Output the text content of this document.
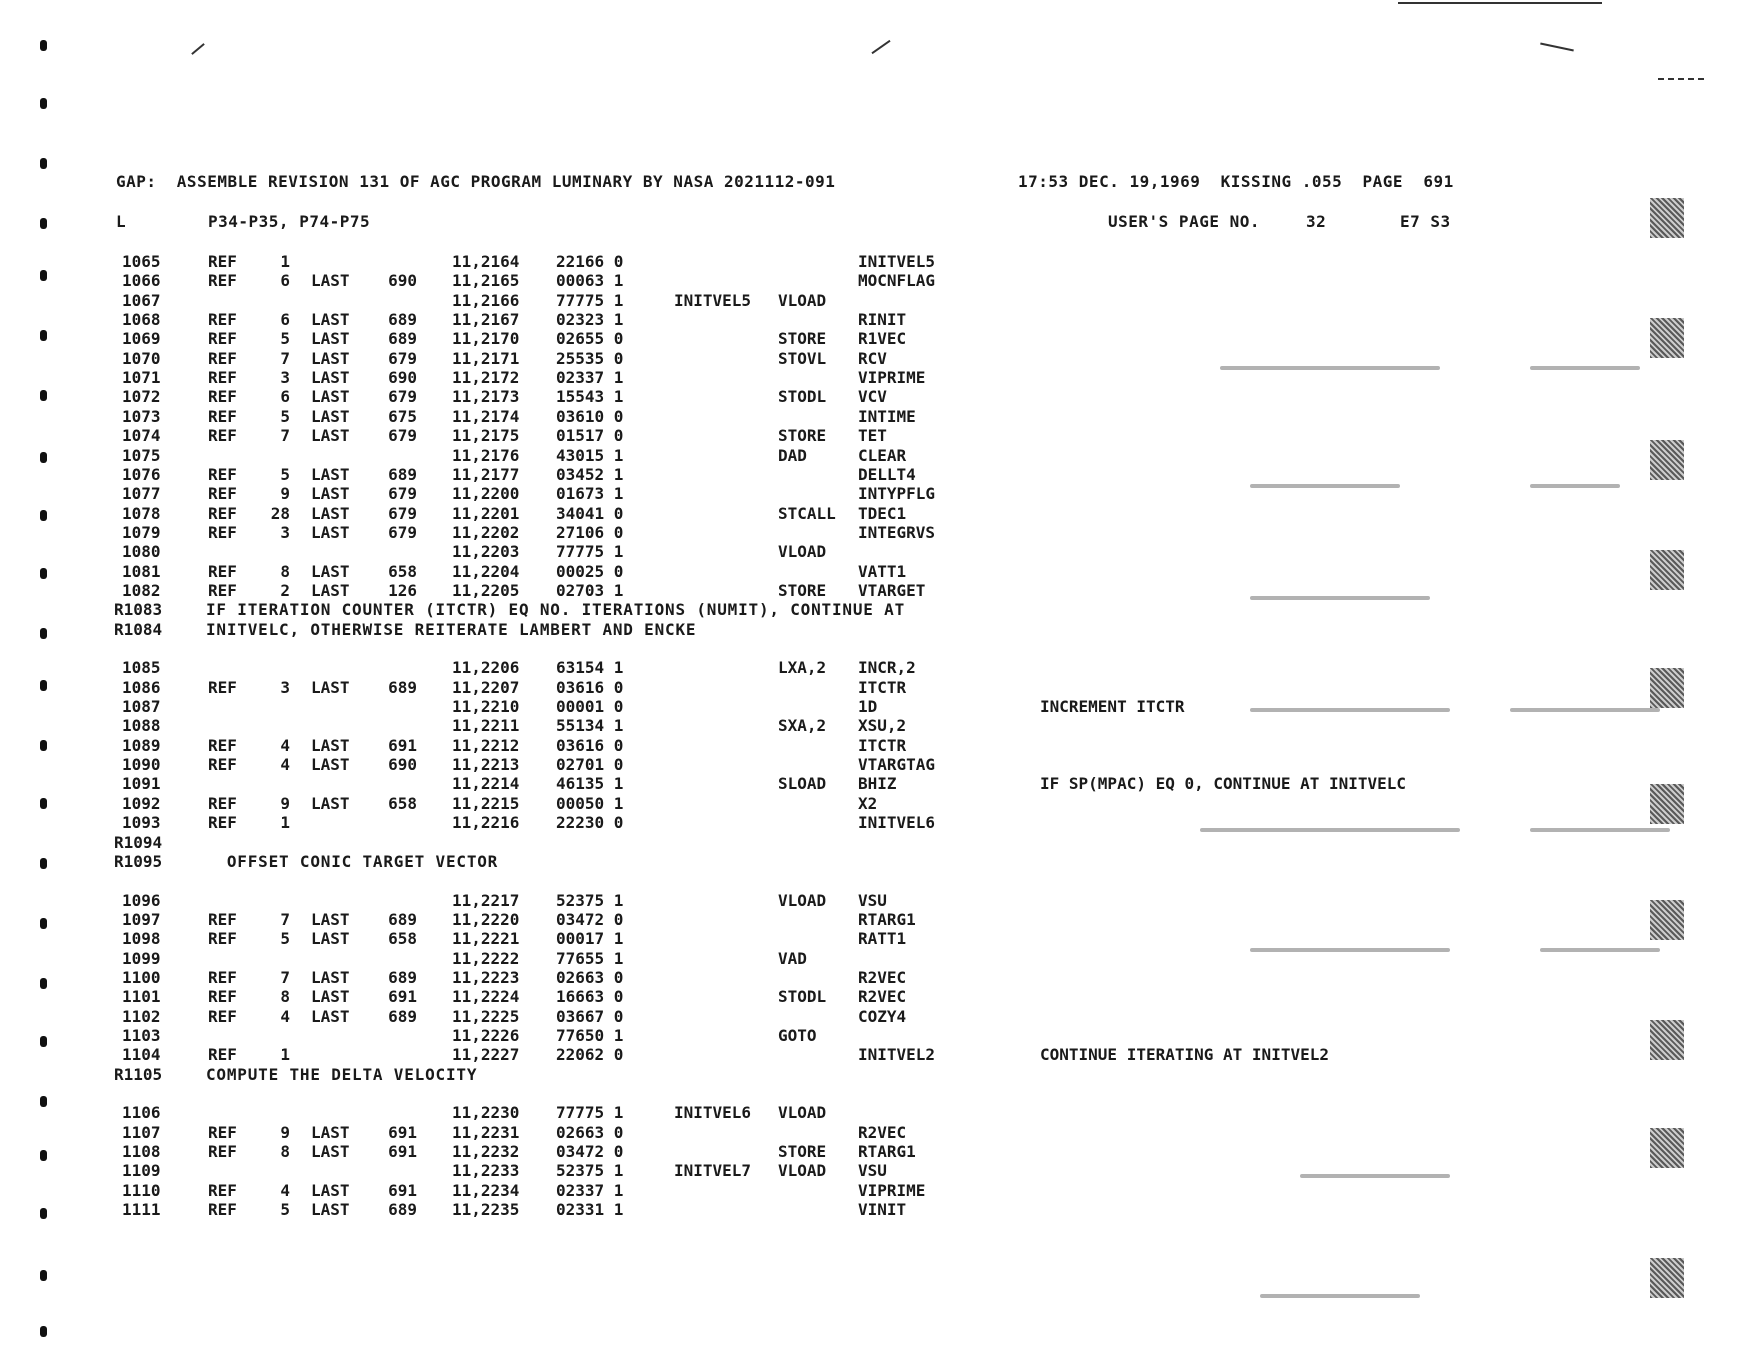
GAP:  ASSEMBLE REVISION 131 OF AGC PROGRAM LUMINARY BY NASA 2021112-091	17:53 DEC. 19,1969  KISSING .055  PAGE  691
L	P34-P35, P74-P75	USER'S PAGE NO.	32	E7 S3
1065	REF	1	11,2164 22166 0	INITVEL5
1066	REF	6 LAST	690 11,2165 00063 1	MOCNFLAG
1067	11,2166 77775 1	INITVEL5 VLOAD
1068	REF	6 LAST	689 11,2167 02323 1	RINIT
1069	REF	5 LAST	689 11,2170 02655 0	STORE R1VEC
1070	REF	7 LAST	679 11,2171 25535 0	STOVL RCV
1071	REF	3 LAST	690 11,2172 02337 1	VIPRIME
1072	REF	6 LAST	679 11,2173 15543 1	STODL VCV
1073	REF	5 LAST	675 11,2174 03610 0	INTIME
1074	REF	7 LAST	679 11,2175 01517 0	STORE TET
1075	11,2176 43015 1	DAD	CLEAR
1076	REF	5 LAST	689 11,2177 03452 1	DELLT4
1077	REF	9 LAST	679 11,2200 01673 1	INTYPFLG
1078	REF 28 LAST	679 11,2201 34041 0	STCALL TDEC1
1079	REF	3 LAST	679 11,2202 27106 0	INTEGRVS
1080	11,2203 77775 1	VLOAD
1081	REF	8 LAST	658 11,2204 00025 0	VATT1
1082	REF	2 LAST	126 11,2205 02703 1	STORE VTARGET
R1083	IF ITERATION COUNTER (ITCTR) EQ NO. ITERATIONS (NUMIT), CONTINUE AT
R1084	INITVELC, OTHERWISE REITERATE LAMBERT AND ENCKE
1085	11,2206 63154 1	LXA,2 INCR,2
1086	REF	3 LAST	689 11,2207 03616 0	ITCTR
1087	11,2210 00001 0	1D	INCREMENT ITCTR
1088	11,2211 55134 1	SXA,2 XSU,2
1089	REF	4 LAST	691 11,2212 03616 0	ITCTR
1090	REF	4 LAST	690 11,2213 02701 0	VTARGTAG
1091	11,2214 46135 1	SLOAD BHIZ	IF SP(MPAC) EQ 0, CONTINUE AT INITVELC
1092	REF	9 LAST	658 11,2215 00050 1	X2
1093	REF	1	11,2216 22230 0	INITVEL6
R1094
R1095	OFFSET CONIC TARGET VECTOR
1096	11,2217 52375 1	VLOAD VSU
1097	REF	7 LAST	689 11,2220 03472 0	RTARG1
1098	REF	5 LAST	658 11,2221 00017 1	RATT1
1099	11,2222 77655 1	VAD
1100	REF	7 LAST	689 11,2223 02663 0	R2VEC
1101	REF	8 LAST	691 11,2224 16663 0	STODL R2VEC
1102	REF	4 LAST	689 11,2225 03667 0	COZY4
1103	11,2226 77650 1	GOTO
1104	REF	1	11,2227 22062 0	INITVEL2	CONTINUE ITERATING AT INITVEL2
R1105	COMPUTE THE DELTA VELOCITY
1106	11,2230 77775 1	INITVEL6 VLOAD
1107	REF	9 LAST	691 11,2231 02663 0	R2VEC
1108	REF	8 LAST	691 11,2232 03472 0	STORE RTARG1
1109	11,2233 52375 1	INITVEL7 VLOAD VSU
1110	REF	4 LAST	691 11,2234 02337 1	VIPRIME
1111	REF	5 LAST	689 11,2235 02331 1	VINIT
